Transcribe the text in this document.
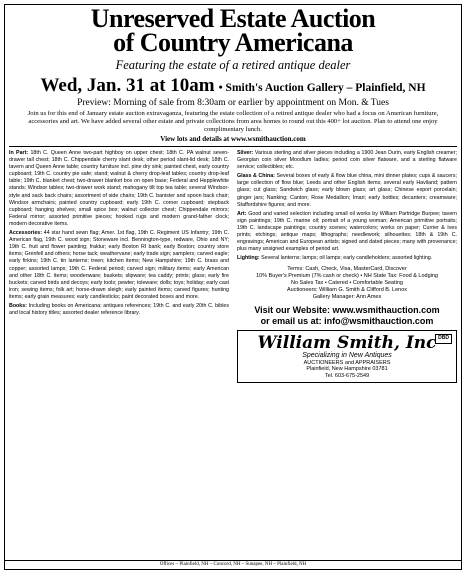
Unreserved Estate Auction
of Country Americana
Featuring the estate of a retired antique dealer
Wed, Jan. 31 at 10am • Smith's Auction Gallery – Plainfield, NH
Preview: Morning of sale from 8:30am or earlier by appointment on Mon. & Tues
Join us for this end of January estate auction extravaganza, featuring the estate collection of a retired antique dealer who had a focus on American furniture, accessories and art. We have added several other estate and private collections from area homes to round out this 400+ lot auction. Plan to attend one enjoy complimentary lunch.
View lots and details at www.wsmithauction.com

In Part: 18th C. Queen Anne two-part highboy on upper chest; 18th C. PA walnut seven-drawer tall chest; 18th C. Chippendale cherry slant desk; other period slant-lid desk; 18th C. tavern and Queen Anne table; country furniture incl. pine dry sink; painted chest, early country cupboard; 19th C. country pie safe; stand; walnut & cherry drop-leaf tables; country drop-leaf table; 19th C. blanket chest; two-drawer blanket box on open base; Federal and Hepplewhite stands; Windsor tables; two-drawer work stand; mahogany tilt top tea table; several Windsor-style and sack back chairs; assortment of side chairs; 19th C. banister and spoon back chair; Windsor armchairs; painted country cupboard; early 19th C. corner cupboard; stepback cupboard; hanging shelves; small spice box; walnut collector chest; Chippendale mirrors; Federal mirror; assorted primitive pieces; hooked rugs and modern grand-father clock; modern decorative items.

Accessories: 44 star hand sewn flag; Amer. 1st flag, 19th C. Regiment US Infantry; 19th C. American flag, 19th C. wood sign; Stoneware incl. Bennington-type, redware, Ohio and NY; 19th C. fruit and flower painting; fraktur; early Boston RI bank; early Boston; country store items; Grenfell and others; horse tack; weathervane; early trade sign; samplers; carved eagle; early firkins; 19th C. tin lanterns; treen; kitchen items; New Hampshire; 19th C. brass and copper; assorted lamps; 19th C. Federal period; carved sign; military items; early American and other 18th C. items; woodenware; baskets; slipware; tea caddy; prints; glass; early fire buckets; carved birds and decoys; early tools; pewter; toleware; dolls; toys; holiday; early cast iron; sewing items; folk art; horse-drawn sleigh; early painted items; carved figures; hunting items; early grain measures; early candlesticks; paint decorated boxes and more.

Books: Including books on Americana; antiques references; 19th C. and early 20th C. bibles and local history titles; assorted dealer reference library.

Silver: Various sterling and silver pieces including a 1900 Jean Durin, early English creamer; Georgian coin silver Moodlum ladles; period coin silver flatware, and a sterling flatware service; collectibles; etc.

Glass & China: Several boxes of early & flow blue china, mini dinner plates; cups & saucers; large collection of flow blue; Leeds and other English items; several early Haviland; pattern glass; cut glass; Sandwich glass; early blown glass; art glass; Chinese export porcelain; ginger jars; Nanking; Canton; Rose Medallion; Imari; early bottles; decanters; creamware; Staffordshire figures; and more.

Art: Good and varied selection including small oil works by William Partridge Burpee; tavern sign paintings; 19th C. marine oil; portrait of a young woman; American primitive portraits; 19th C. landscape paintings; country scenes; watercolors; works on paper; Currier & Ives prints; etchings; antique maps; lithographs; needlework; silhouettes; 18th & 19th C. engravings; American and European artists; signed and dated pieces; many with provenance; plus many unsigned examples of period art.

Lighting: Several lanterns; lamps; oil lamps; early candleholders; assorted lighting.

Terms: Cash, Check, Visa, MasterCard, Discover
10% Buyer's Premium (7% cash or check) • NH State Tax: Food & Lodging
No Sales Tax • Catered • Comfortable Seating
Auctioneers: William G. Smith & Clifford B. Lenox
Gallery Manager: Ann Ames
Visit our Website: www.wsmithauction.com
or email us at: info@wsmithauction.com
DBD
William Smith, Inc
Specializing in New Antiques
AUCTIONEERS and APPRAISERS
Plainfield, New Hampshire 03781
Tel. 603-675-2549
Offices – Plainfield, NH – Concord, NH – Sunapee, NH – Plainfield, NH
